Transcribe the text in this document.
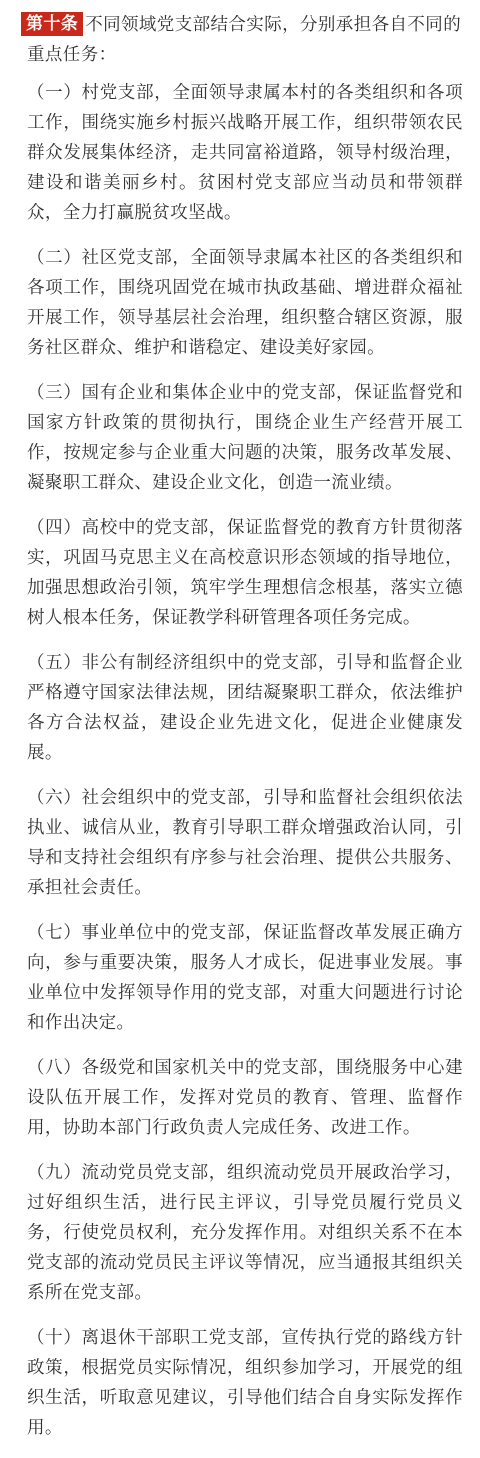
第十条 不同领域党支部结合实际，分别承担各自不同的重点任务：

（一）村党支部，全面领导隶属本村的各类组织和各项工作，围绕实施乡村振兴战略开展工作，组织带领农民群众发展集体经济，走共同富裕道路，领导村级治理，建设和谐美丽乡村。贫困村党支部应当动员和带领群众，全力打赢脱贫攻坚战。

（二）社区党支部，全面领导隶属本社区的各类组织和各项工作，围绕巩固党在城市执政基础、增进群众福祉开展工作，领导基层社会治理，组织整合辖区资源，服务社区群众、维护和谐稳定、建设美好家园。

（三）国有企业和集体企业中的党支部，保证监督党和国家方针政策的贯彻执行，围绕企业生产经营开展工作，按规定参与企业重大问题的决策，服务改革发展、凝聚职工群众、建设企业文化，创造一流业绩。

（四）高校中的党支部，保证监督党的教育方针贯彻落实，巩固马克思主义在高校意识形态领域的指导地位，加强思想政治引领，筑牢学生理想信念根基，落实立德树人根本任务，保证教学科研管理各项任务完成。

（五）非公有制经济组织中的党支部，引导和监督企业严格遵守国家法律法规，团结凝聚职工群众，依法维护各方合法权益，建设企业先进文化，促进企业健康发展。

（六）社会组织中的党支部，引导和监督社会组织依法执业、诚信从业，教育引导职工群众增强政治认同，引导和支持社会组织有序参与社会治理、提供公共服务、承担社会责任。

（七）事业单位中的党支部，保证监督改革发展正确方向，参与重要决策，服务人才成长，促进事业发展。事业单位中发挥领导作用的党支部，对重大问题进行讨论和作出决定。

（八）各级党和国家机关中的党支部，围绕服务中心建设队伍开展工作，发挥对党员的教育、管理、监督作用，协助本部门行政负责人完成任务、改进工作。

（九）流动党员党支部，组织流动党员开展政治学习，过好组织生活，进行民主评议，引导党员履行党员义务，行使党员权利，充分发挥作用。对组织关系不在本党支部的流动党员民主评议等情况，应当通报其组织关系所在党支部。

（十）离退休干部职工党支部，宣传执行党的路线方针政策，根据党员实际情况，组织参加学习，开展党的组织生活，听取意见建议，引导他们结合自身实际发挥作用。
